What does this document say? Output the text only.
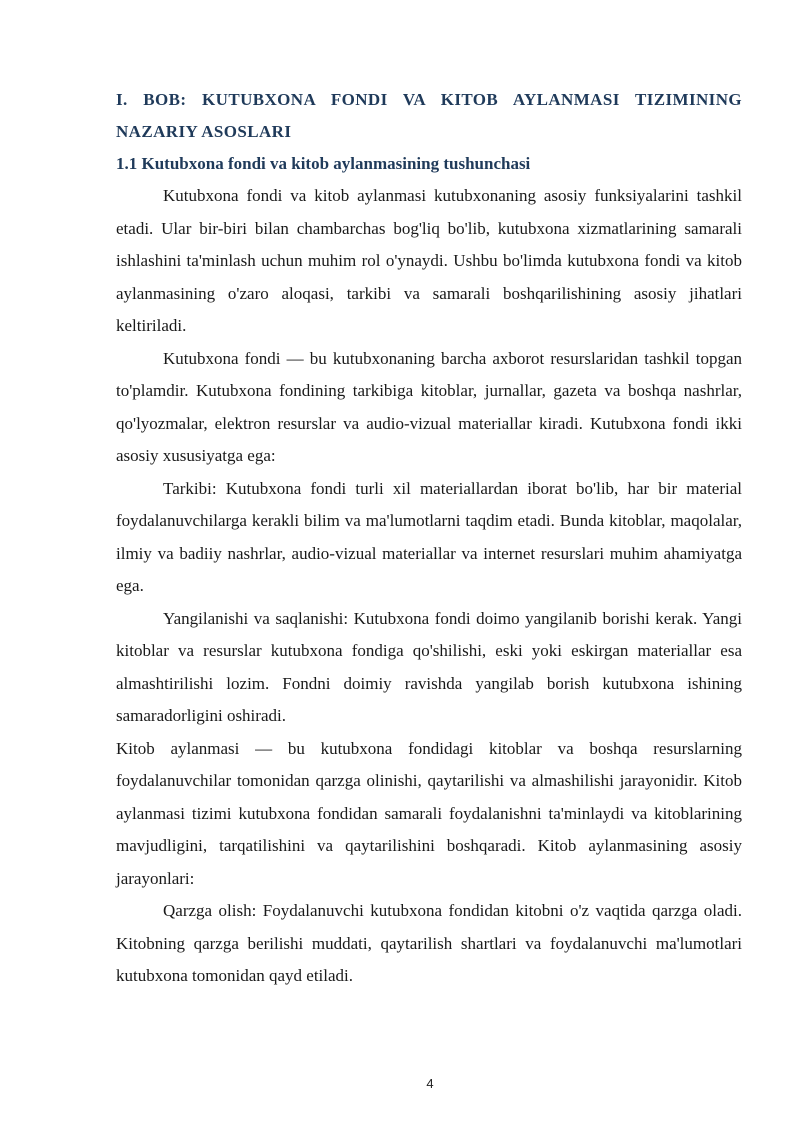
I. BOB: KUTUBXONA FONDI VA KITOB AYLANMASI TIZIMINING NAZARIY ASOSLARI
1.1 Kutubxona fondi va kitob aylanmasining tushunchasi

Kutubxona fondi va kitob aylanmasi kutubxonaning asosiy funksiyalarini tashkil etadi. Ular bir-biri bilan chambarchas bog'liq bo'lib, kutubxona xizmatlarining samarali ishlashini ta'minlash uchun muhim rol o'ynaydi. Ushbu bo'limda kutubxona fondi va kitob aylanmasining o'zaro aloqasi, tarkibi va samarali boshqarilishining asosiy jihatlari keltiriladi.

Kutubxona fondi — bu kutubxonaning barcha axborot resurslaridan tashkil topgan to'plamdir. Kutubxona fondining tarkibiga kitoblar, jurnallar, gazeta va boshqa nashrlar, qo'lyozmalar, elektron resurslar va audio-vizual materiallar kiradi. Kutubxona fondi ikki asosiy xususiyatga ega:

Tarkibi: Kutubxona fondi turli xil materiallardan iborat bo'lib, har bir material foydalanuvchilarga kerakli bilim va ma'lumotlarni taqdim etadi. Bunda kitoblar, maqolalar, ilmiy va badiiy nashrlar, audio-vizual materiallar va internet resurslari muhim ahamiyatga ega.

Yangilanishi va saqlanishi: Kutubxona fondi doimo yangilanib borishi kerak. Yangi kitoblar va resurslar kutubxona fondiga qo'shilishi, eski yoki eskirgan materiallar esa almashtirilishi lozim. Fondni doimiy ravishda yangilab borish kutubxona ishining samaradorligini oshiradi.

Kitob aylanmasi — bu kutubxona fondidagi kitoblar va boshqa resurslarning foydalanuvchilar tomonidan qarzga olinishi, qaytarilishi va almashilishi jarayonidir. Kitob aylanmasi tizimi kutubxona fondidan samarali foydalanishni ta'minlaydi va kitoblarining mavjudligini, tarqatilishini va qaytarilishini boshqaradi. Kitob aylanmasining asosiy jarayonlari:

Qarzga olish: Foydalanuvchi kutubxona fondidan kitobni o'z vaqtida qarzga oladi. Kitobning qarzga berilishi muddati, qaytarilish shartlari va foydalanuvchi ma'lumotlari kutubxona tomonidan qayd etiladi.

4
